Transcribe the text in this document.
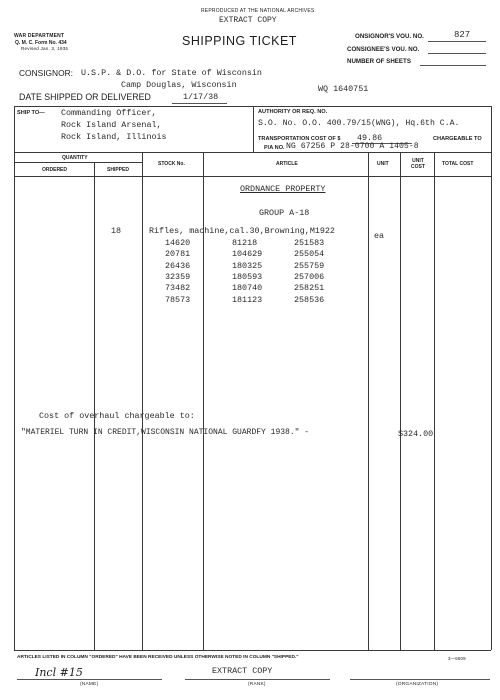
REPRODUCED AT THE NATIONAL ARCHIVES
EXTRACT COPY
WAR DEPARTMENT
Q. M. C. Form No. 434
Revised Jan. 3, 1935
SHIPPING TICKET	ONSIGNOR'S VOU. NO.	827
CONSIGNEE'S VOU. NO.
NUMBER OF SHEETS
CONSIGNOR: U.S.P. & D.O. for State of Wisconsin
Camp Douglas, Wisconsin	WQ 1640751
DATE SHIPPED OR DELIVERED	1/17/38
SHIP TO— Commanding Officer,
Rock Island Arsenal,
Rock Island, Illinois
AUTHORITY OR REQ. NO.
S.O. No. O.O. 400.79/15(WNG), Hq.6th C.A.
TRANSPORTATION COST OF $ 49.86	CHARGEABLE TO
P/A NO. NG 67256 P 28-0700 A 1405-8
QUANTITY
ORDERED	SHIPPED
STOCK No.	ARTICLE	UNIT	UNIT COST	TOTAL COST
ORDNANCE PROPERTY
GROUP A-18
18	Rifles, machine,cal.30,Browning,M1922	ea
14620	81218	251583
20781	104629	255054
26436	180325	255759
32359	180593	257006
73482	180740	258251
78573	181123	258536
Cost of overhaul chargeable to:
"MATERIEL TURN IN CREDIT,WISCONSIN NATIONAL GUARDFY 1938." -	$324.00
ARTICLES LISTED IN COLUMN "ORDERED" HAVE BEEN RECEIVED UNLESS OTHERWISE NOTED IN COLUMN "SHIPPED."	3—6609
Incl #15	EXTRACT COPY
(NAME)	(RANK)	(ORGANIZATION)
